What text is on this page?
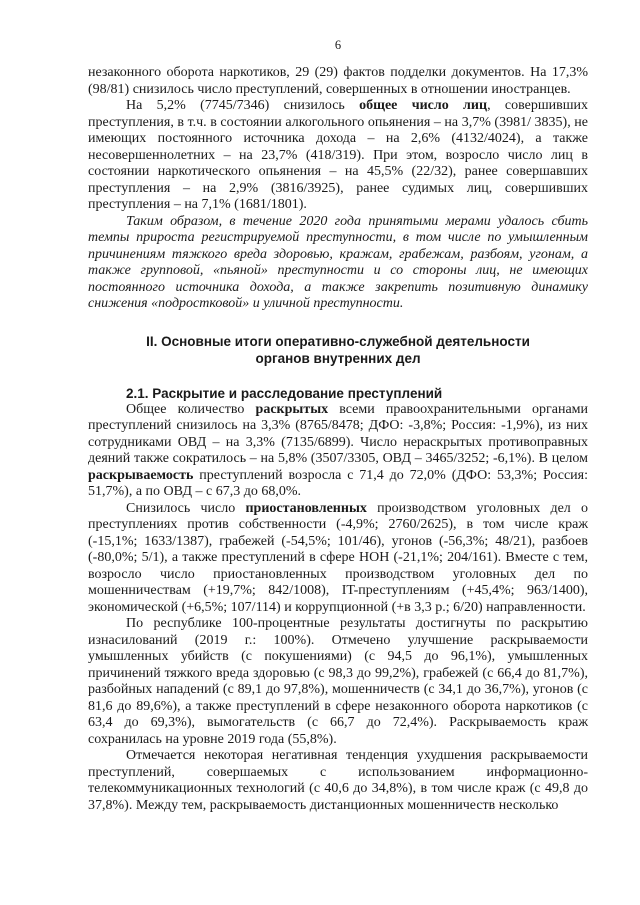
6

незаконного оборота наркотиков, 29 (29) фактов подделки документов. На 17,3% (98/81) снизилось число преступлений, совершенных в отношении иностранцев.

На 5,2% (7745/7346) снизилось общее число лиц, совершивших преступления, в т.ч. в состоянии алкогольного опьянения – на 3,7% (3981/ 3835), не имеющих постоянного источника дохода – на 2,6% (4132/4024), а также несовершеннолетних – на 23,7% (418/319). При этом, возросло число лиц в состоянии наркотического опьянения – на 45,5% (22/32), ранее совершавших преступления – на 2,9% (3816/3925), ранее судимых лиц, совершивших преступления – на 7,1% (1681/1801).

Таким образом, в течение 2020 года принятыми мерами удалось сбить темпы прироста регистрируемой преступности, в том числе по умышленным причинениям тяжкого вреда здоровью, кражам, грабежам, разбоям, угонам, а также групповой, «пьяной» преступности и со стороны лиц, не имеющих постоянного источника дохода, а также закрепить позитивную динамику снижения «подростковой» и уличной преступности.

II. Основные итоги оперативно-служебной деятельности
органов внутренних дел
2.1. Раскрытие и расследование преступлений

Общее количество раскрытых всеми правоохранительными органами преступлений снизилось на 3,3% (8765/8478; ДФО: -3,8%; Россия: -1,9%), из них сотрудниками ОВД – на 3,3% (7135/6899). Число нераскрытых противоправных деяний также сократилось – на 5,8% (3507/3305, ОВД – 3465/3252; -6,1%). В целом раскрываемость преступлений возросла с 71,4 до 72,0% (ДФО: 53,3%; Россия: 51,7%), а по ОВД – с 67,3 до 68,0%.

Снизилось число приостановленных производством уголовных дел о преступлениях против собственности (-4,9%; 2760/2625), в том числе краж (-15,1%; 1633/1387), грабежей (-54,5%; 101/46), угонов (-56,3%; 48/21), разбоев (-80,0%; 5/1), а также преступлений в сфере НОН (-21,1%; 204/161). Вместе с тем, возросло число приостановленных производством уголовных дел по мошенничествам (+19,7%; 842/1008), IT-преступлениям (+45,4%; 963/1400), экономической (+6,5%; 107/114) и коррупционной (+в 3,3 р.; 6/20) направленности.

По республике 100-процентные результаты достигнуты по раскрытию изнасилований (2019 г.: 100%). Отмечено улучшение раскрываемости умышленных убийств (с покушениями) (с 94,5 до 96,1%), умышленных причинений тяжкого вреда здоровью (с 98,3 до 99,2%), грабежей (с 66,4 до 81,7%), разбойных нападений (с 89,1 до 97,8%), мошенничеств (с 34,1 до 36,7%), угонов (с 81,6 до 89,6%), а также преступлений в сфере незаконного оборота наркотиков (с 63,4 до 69,3%), вымогательств (с 66,7 до 72,4%). Раскрываемость краж сохранилась на уровне 2019 года (55,8%).

Отмечается некоторая негативная тенденция ухудшения раскрываемости преступлений, совершаемых с использованием информационно-телекоммуникационных технологий (с 40,6 до 34,8%), в том числе краж (с 49,8 до 37,8%). Между тем, раскрываемость дистанционных мошенничеств несколько
